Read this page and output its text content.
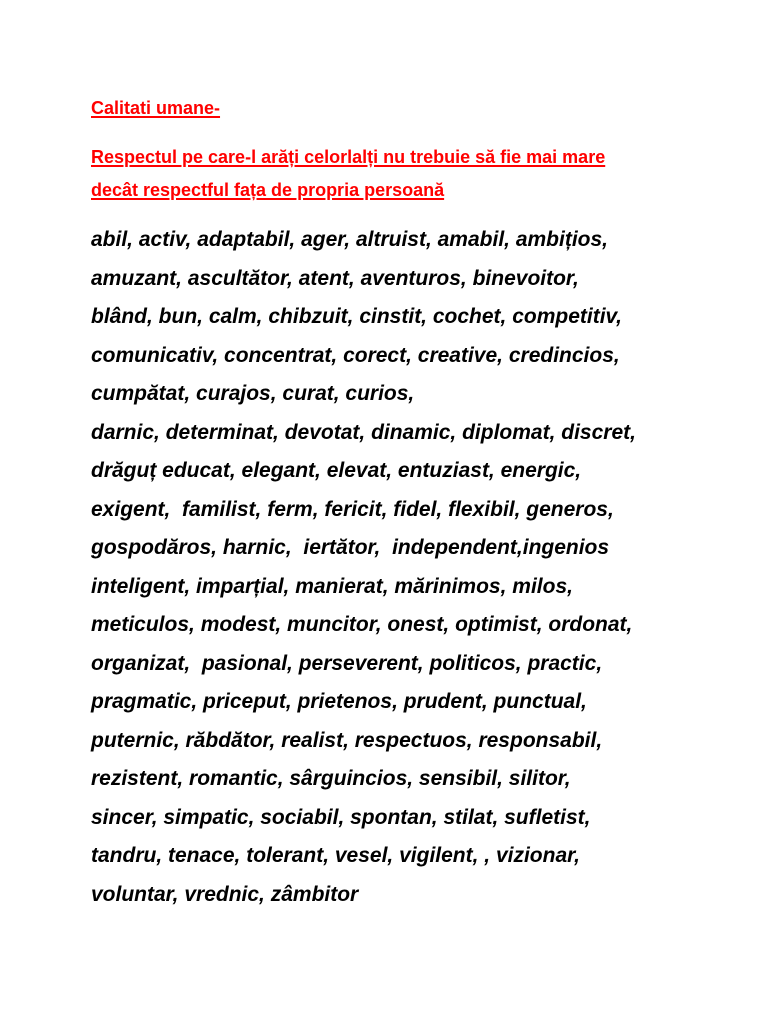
Calitati umane-
Respectul pe care-l arăți celorlalți nu trebuie să fie mai mare
decât respectful fața de propria persoană
abil, activ, adaptabil, ager, altruist, amabil, ambițios,
amuzant, ascultător, atent, aventuros, binevoitor,
blând, bun, calm, chibzuit, cinstit, cochet, competitiv,
comunicativ, concentrat, corect, creative, credincios,
cumpătat, curajos, curat, curios,
darnic, determinat, devotat, dinamic, diplomat, discret,
drăguț educat, elegant, elevat, entuziast, energic,
exigent,  familist, ferm, fericit, fidel, flexibil, generos,
gospodăros, harnic,  iertător,  independent,ingenios
inteligent, imparțial, manierat, mărinimos, milos,
meticulos, modest, muncitor, onest, optimist, ordonat,
organizat,  pasional, perseverent, politicos, practic,
pragmatic, priceput, prietenos, prudent, punctual,
puternic, răbdător, realist, respectuos, responsabil,
rezistent, romantic, sârguincios, sensibil, silitor,
sincer, simpatic, sociabil, spontan, stilat, sufletist,
tandru, tenace, tolerant, vesel, vigilent, , vizionar,
voluntar, vrednic, zâmbitor
